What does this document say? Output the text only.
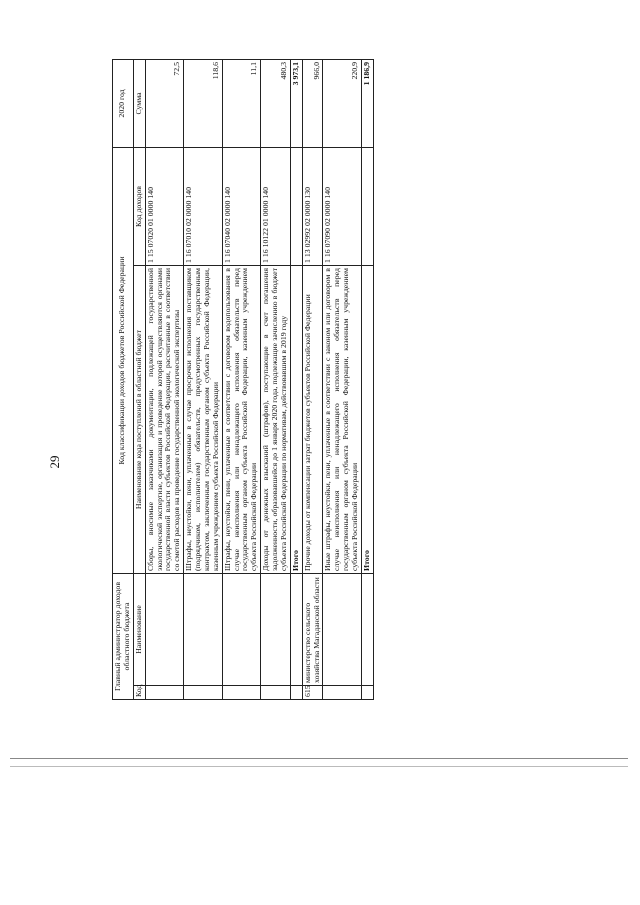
29
Главный администратор доходов областного бюджета		Код классификации доходов бюджетов Российской Федерации		2020 год
Код	Наименование	Наименование кода поступлений в областной бюджет	Код доходов	Сумма
		Сборы, вносимые заказчиками документации, подлежащей государственной экологической экспертизе, организация и проведение которой осуществляются органами государственной власти субъектов Российской Федерации, рассчитанные в соответствии со сметой расходов на проведение государственной экологической экспертизы	1 15 07020 01 0000 140	72,5
		Штрафы, неустойки, пени, уплаченные в случае просрочки исполнения поставщиком (подрядчиком, исполнителем) обязательств, предусмотренных государственным контрактом, заключенным государственным органом субъекта Российской Федерации, казенным учреждением субъекта Российской Федерации	1 16 07010 02 0000 140	118,6
		Штрафы, неустойки, пени, уплаченные в соответствии с договором водопользования в случае неисполнения или ненадлежащего исполнения обязательств перед государственным органом субъекта Российской Федерации, казенным учреждением субъекта Российской Федерации	1 16 07040 02 0000 140	11,1
		Доходы от денежных взысканий (штрафов), поступающие в счет погашения задолженности, образовавшейся до 1 января 2020 года, подлежащие зачислению в бюджет субъекта Российской Федерации по нормативам, действовавшим в 2019 году	1 16 10122 01 0000 140	480,3
		Итого		3 973,1
615	министерство сельского хозяйства Магаданской области	Прочие доходы от компенсации затрат бюджетов субъектов Российской Федерации	1 13 02992 02 0000 130	966,0
		Иные штрафы, неустойки, пени, уплаченные в соответствии с законом или договором в случае неисполнения или ненадлежащего исполнения обязательств перед государственным органом субъекта Российской Федерации, казенным учреждением субъекта Российской Федерации	1 16 07090 02 0000 140	220,9
		Итого		1 186,9
